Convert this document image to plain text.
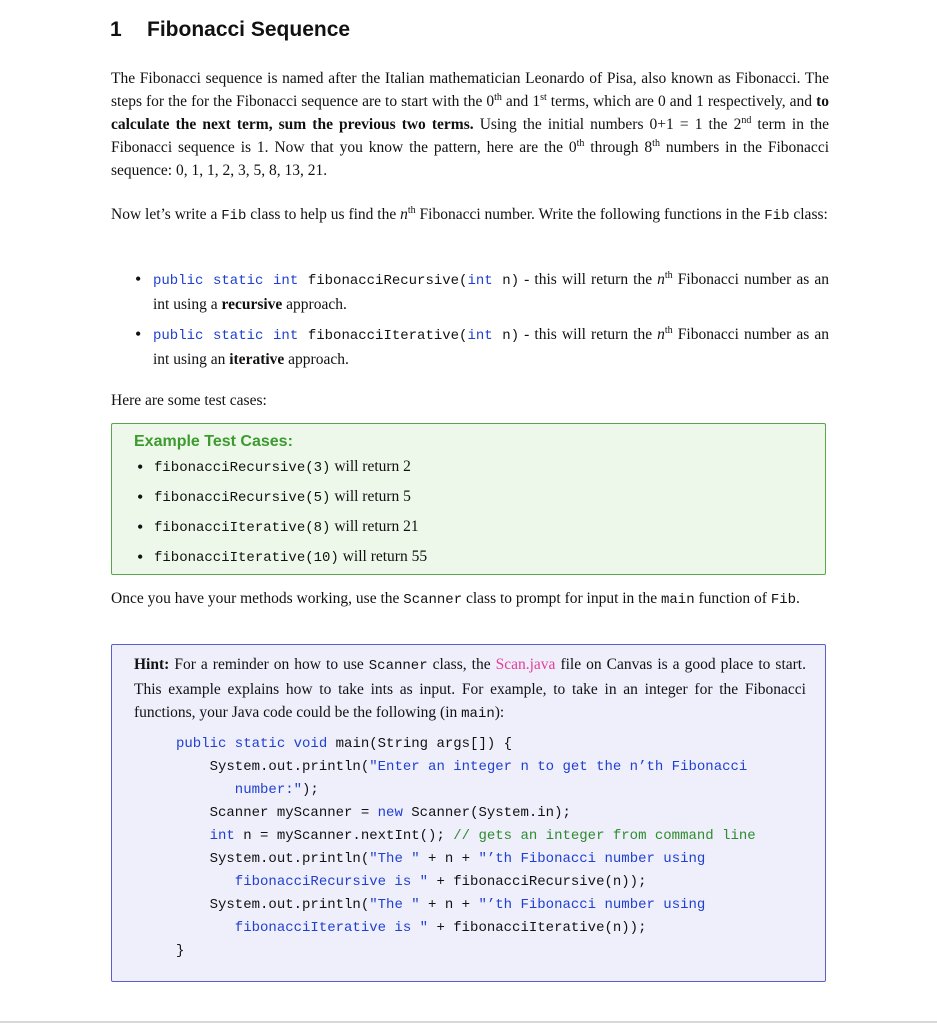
1 Fibonacci Sequence

The Fibonacci sequence is named after the Italian mathematician Leonardo of Pisa, also known as Fibonacci. The steps for the for the Fibonacci sequence are to start with the 0th and 1st terms, which are 0 and 1 respectively, and to calculate the next term, sum the previous two terms. Using the initial numbers 0+1 = 1 the 2nd term in the Fibonacci sequence is 1. Now that you know the pattern, here are the 0th through 8th numbers in the Fibonacci sequence: 0, 1, 1, 2, 3, 5, 8, 13, 21.

Now let’s write a Fib class to help us find the $n^{th}$ Fibonacci number. Write the following functions in the Fib class:

• public static int fibonacciRecursive(int n) - this will return the $n^{th}$ Fibonacci number as an int using a recursive approach.
• public static int fibonacciIterative(int n) - this will return the $n^{th}$ Fibonacci number as an int using an iterative approach.

Here are some test cases:

Example Test Cases:

• fibonacciRecursive(3) will return 2
• fibonacciRecursive(5) will return 5
• fibonacciIterative(8) will return 21
• fibonacciIterative(10) will return 55

Once you have your methods working, use the Scanner class to prompt for input in the main function of Fib.

Hint: For a reminder on how to use Scanner class, the Scan.java file on Canvas is a good place to start. This example explains how to take ints as input. For example, to take in an integer for the Fibonacci functions, your Java code could be the following (in main):

public static void main(String args[]) {
System.out.println("Enter an integer n to get the n’th Fibonacci
number:");
Scanner myScanner = new Scanner(System.in);
int n = myScanner.nextInt(); // gets an integer from command line
System.out.println("The " + n + "’th Fibonacci number using
fibonacciRecursive is " + fibonacciRecursive(n));
System.out.println("The " + n + "’th Fibonacci number using
fibonacciIterative is " + fibonacciIterative(n));
}
